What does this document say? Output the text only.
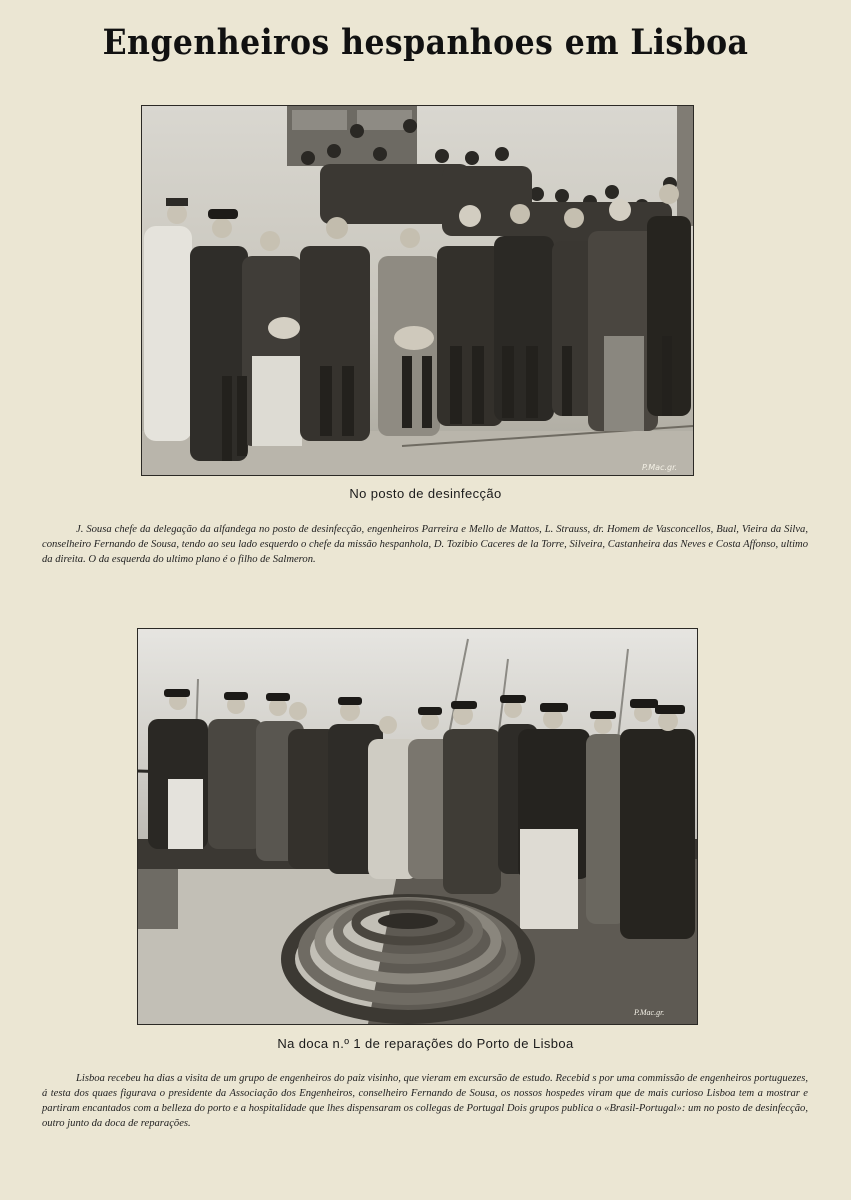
Engenheiros hespanhoes em Lisboa
P.Mac.gr.
No posto de desinfecção
J. Sousa chefe da delegação da alfandega no posto de desinfecção, engenheiros Parreira e Mello de Mattos, L. Strauss, dr. Homem de Vasconcellos, Bual, Vieira da Silva, conselheiro Fernando de Sousa, tendo ao seu lado esquerdo o chefe da missão hespanhola, D. Tozibio Caceres de la Torre, Silveira, Castanheira das Neves e Costa Affonso, ultimo da direita. O da esquerda do ultimo plano é o filho de Salmeron.
P.Mac.gr.
Na doca n.º 1 de reparações do Porto de Lisboa
Lisboa recebeu ha dias a visita de um grupo de engenheiros do paiz visinho, que vieram em excursão de estudo. Recebid s por uma commissão de engenheiros portuguezes, á testa dos quaes figurava o presidente da Associação dos Engenheiros, conselheiro Fernando de Sousa, os nossos hospedes viram que de mais curioso Lisboa tem a mostrar e partiram encantados com a belleza do porto e a hospitalidade que lhes dispensaram os collegas de Portugal Dois grupos publica o «Brasil-Portugal»: um no posto de desinfecção, outro junto da doca de reparações.
